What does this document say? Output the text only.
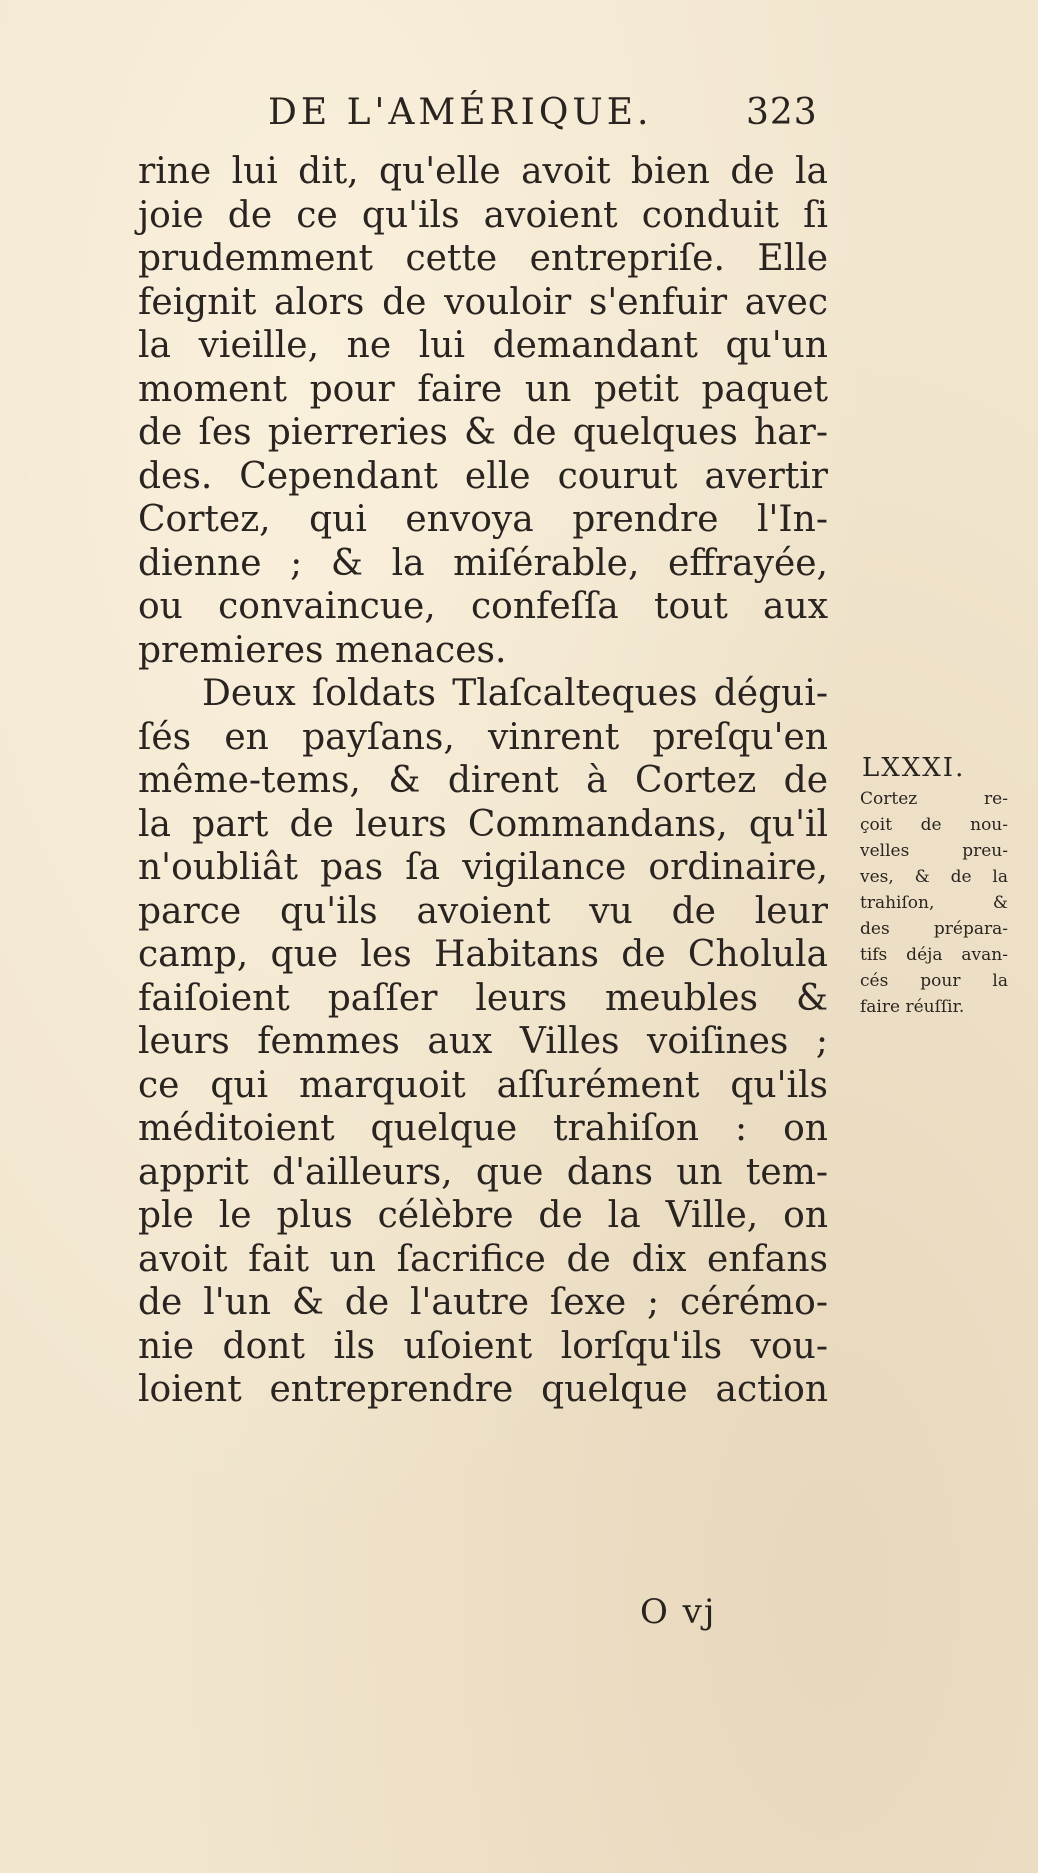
DE L'AMÉRIQUE.	323
rine lui dit, qu'elle avoit bien de la
joie de ce qu'ils avoient conduit ſi
prudemment cette entrepriſe. Elle
feignit alors de vouloir s'enfuir avec
la vieille, ne lui demandant qu'un
moment pour faire un petit paquet
de ſes pierreries & de quelques har-
des. Cependant elle courut avertir
Cortez, qui envoya prendre l'In-
dienne ; & la miſérable, effrayée,
ou convaincue, confeſſa tout aux
premieres menaces.
Deux ſoldats Tlaſcalteques dégui-
ſés en payſans, vinrent preſqu'en
même-tems, & dirent à Cortez de
la part de leurs Commandans, qu'il
n'oubliât pas ſa vigilance ordinaire,
parce qu'ils avoient vu de leur
camp, que les Habitans de Cholula
faiſoient paſſer leurs meubles &
leurs femmes aux Villes voiſines ;
ce qui marquoit aſſurément qu'ils
méditoient quelque trahiſon : on
apprit d'ailleurs, que dans un tem-
ple le plus célèbre de la Ville, on
avoit fait un ſacrifice de dix enfans
de l'un & de l'autre ſexe ; cérémo-
nie dont ils uſoient lorſqu'ils vou-
loient entreprendre quelque action
LXXXI.
Cortez re-
çoit de nou-
velles preu-
ves, & de la
trahiſon, &
des prépara-
tifs déja avan-
cés pour la
faire réuſſir.
O vj
